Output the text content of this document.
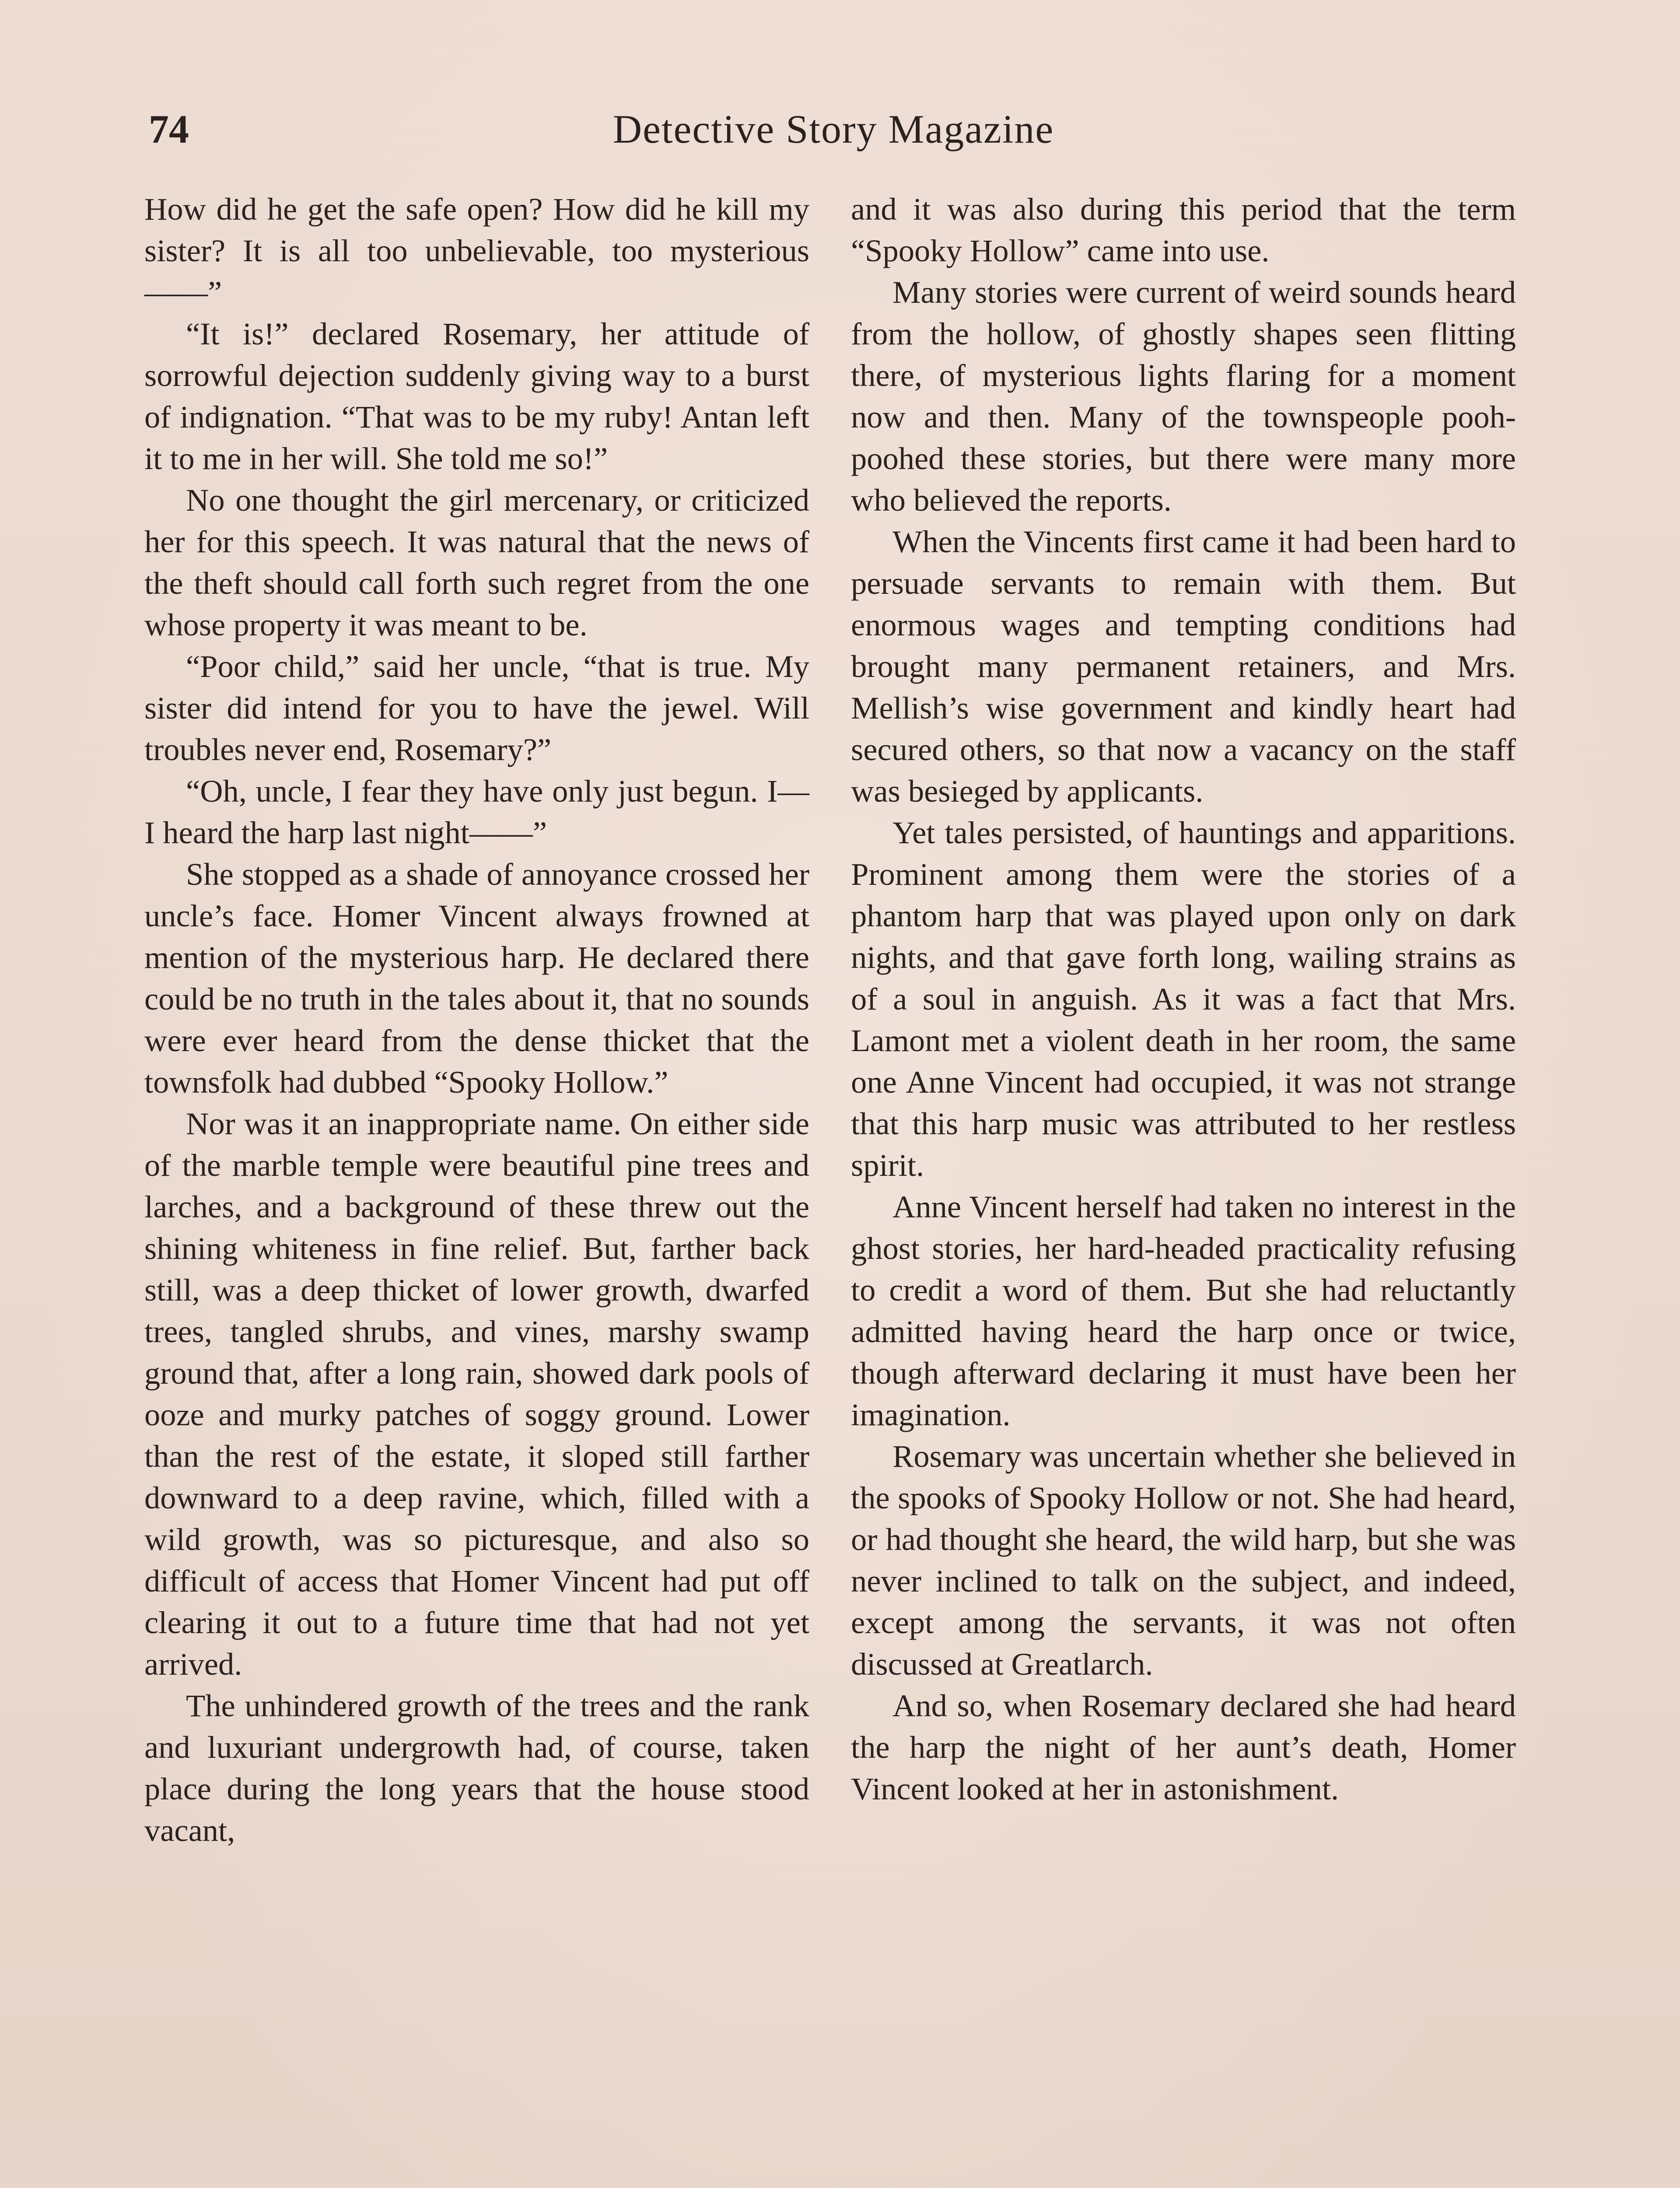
74	Detective Story Magazine

How did he get the safe open? How did he kill my sister? It is all too unbelievable, too mysterious——”

“It is!” declared Rosemary, her attitude of sorrowful dejection suddenly giving way to a burst of indignation. “That was to be my ruby! Antan left it to me in her will. She told me so!”

No one thought the girl mercenary, or criticized her for this speech. It was natural that the news of the theft should call forth such regret from the one whose property it was meant to be.

“Poor child,” said her uncle, “that is true. My sister did intend for you to have the jewel. Will troubles never end, Rosemary?”

“Oh, uncle, I fear they have only just begun. I—I heard the harp last night——”

She stopped as a shade of annoyance crossed her uncle’s face. Homer Vincent always frowned at mention of the mysterious harp. He declared there could be no truth in the tales about it, that no sounds were ever heard from the dense thicket that the townsfolk had dubbed “Spooky Hollow.”

Nor was it an inappropriate name. On either side of the marble temple were beautiful pine trees and larches, and a background of these threw out the shining whiteness in fine relief. But, farther back still, was a deep thicket of lower growth, dwarfed trees, tangled shrubs, and vines, marshy swamp ground that, after a long rain, showed dark pools of ooze and murky patches of soggy ground. Lower than the rest of the estate, it sloped still farther downward to a deep ravine, which, filled with a wild growth, was so picturesque, and also so difficult of access that Homer Vincent had put off clearing it out to a future time that had not yet arrived.

The unhindered growth of the trees and the rank and luxuriant undergrowth had, of course, taken place during the long years that the house stood vacant,

and it was also during this period that the term “Spooky Hollow” came into use.

Many stories were current of weird sounds heard from the hollow, of ghostly shapes seen flitting there, of mysterious lights flaring for a moment now and then. Many of the townspeople pooh-poohed these stories, but there were many more who believed the reports.

When the Vincents first came it had been hard to persuade servants to remain with them. But enormous wages and tempting conditions had brought many permanent retainers, and Mrs. Mellish’s wise government and kindly heart had secured others, so that now a vacancy on the staff was besieged by applicants.

Yet tales persisted, of hauntings and apparitions. Prominent among them were the stories of a phantom harp that was played upon only on dark nights, and that gave forth long, wailing strains as of a soul in anguish. As it was a fact that Mrs. Lamont met a violent death in her room, the same one Anne Vincent had occupied, it was not strange that this harp music was attributed to her restless spirit.

Anne Vincent herself had taken no interest in the ghost stories, her hard-headed practicality refusing to credit a word of them. But she had reluctantly admitted having heard the harp once or twice, though afterward declaring it must have been her imagination.

Rosemary was uncertain whether she believed in the spooks of Spooky Hollow or not. She had heard, or had thought she heard, the wild harp, but she was never inclined to talk on the subject, and indeed, except among the servants, it was not often discussed at Greatlarch.

And so, when Rosemary declared she had heard the harp the night of her aunt’s death, Homer Vincent looked at her in astonishment.
